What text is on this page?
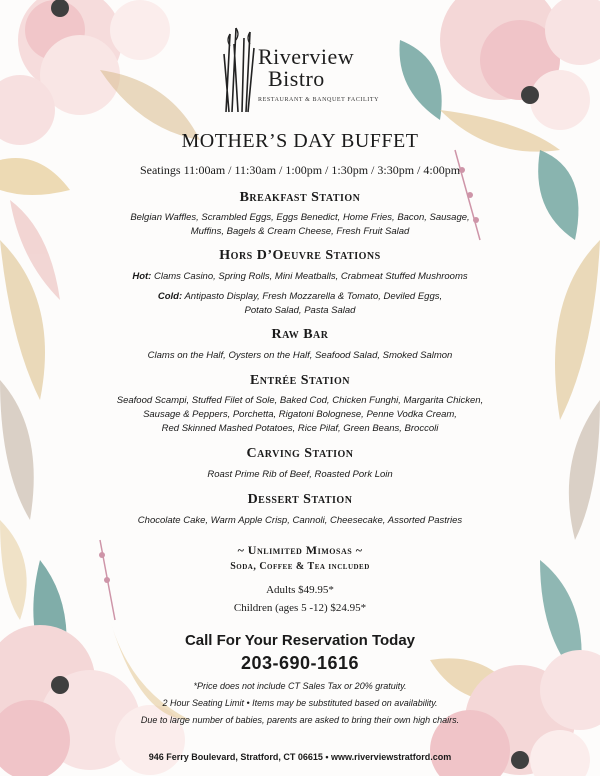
Riverview
Bistro
RESTAURANT & BANQUET FACILITY
MOTHER’S DAY BUFFET
Seatings 11:00am / 11:30am / 1:00pm / 1:30pm / 3:30pm / 4:00pm
Breakfast Station
Belgian Waffles, Scrambled Eggs, Eggs Benedict, Home Fries, Bacon, Sausage,
Muffins, Bagels & Cream Cheese, Fresh Fruit Salad
Hors D’Oeuvre Stations
Hot: Clams Casino, Spring Rolls, Mini Meatballs, Crabmeat Stuffed Mushrooms
Cold: Antipasto Display, Fresh Mozzarella & Tomato, Deviled Eggs,
Potato Salad, Pasta Salad
Raw Bar
Clams on the Half, Oysters on the Half, Seafood Salad, Smoked Salmon
Entrée Station
Seafood Scampi, Stuffed Filet of Sole, Baked Cod, Chicken Funghi, Margarita Chicken,
Sausage & Peppers, Porchetta, Rigatoni Bolognese, Penne Vodka Cream,
Red Skinned Mashed Potatoes, Rice Pilaf, Green Beans, Broccoli
Carving Station
Roast Prime Rib of Beef, Roasted Pork Loin
Dessert Station
Chocolate Cake, Warm Apple Crisp, Cannoli, Cheesecake, Assorted Pastries
~ Unlimited Mimosas ~
Soda, Coffee & Tea included
Adults $49.95*
Children (ages 5 -12) $24.95*
Call For Your Reservation Today
203-690-1616
*Price does not include CT Sales Tax or 20% gratuity.
2 Hour Seating Limit • Items may be substituted based on availability.
Due to large number of babies, parents are asked to bring their own high chairs.
946 Ferry Boulevard, Stratford, CT 06615 • www.riverviewstratford.com
